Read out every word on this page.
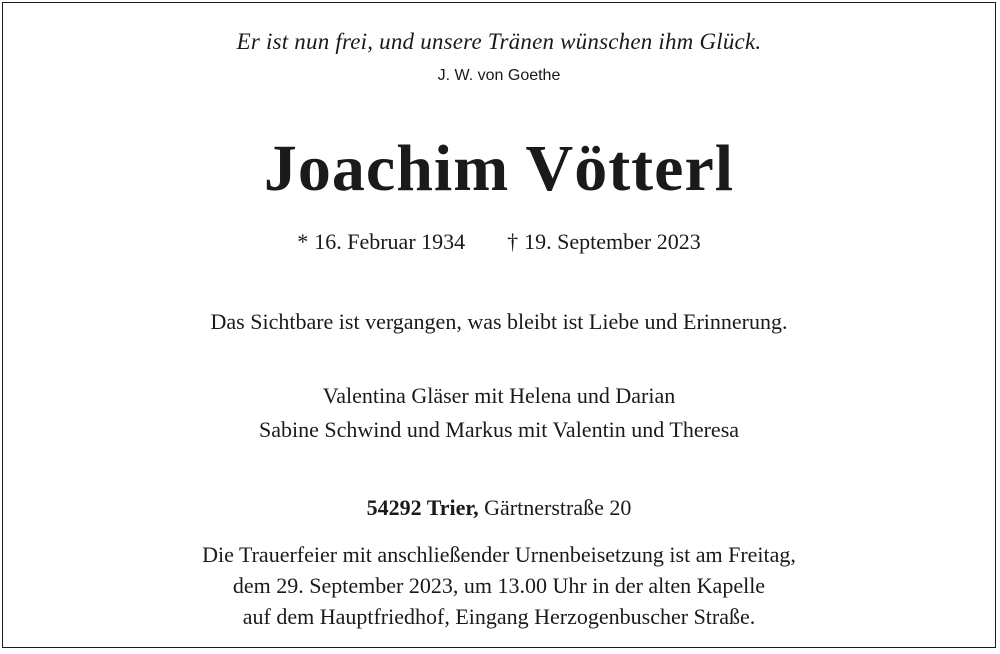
Er ist nun frei, und unsere Tränen wünschen ihm Glück.
J. W. von Goethe
Joachim Vötterl
* 16. Februar 1934 † 19. September 2023
Das Sichtbare ist vergangen, was bleibt ist Liebe und Erinnerung.
Valentina Gläser mit Helena und Darian
Sabine Schwind und Markus mit Valentin und Theresa
54292 Trier, Gärtnerstraße 20
Die Trauerfeier mit anschließender Urnenbeisetzung ist am Freitag,
dem 29. September 2023, um 13.00 Uhr in der alten Kapelle
auf dem Hauptfriedhof, Eingang Herzogenbuscher Straße.
